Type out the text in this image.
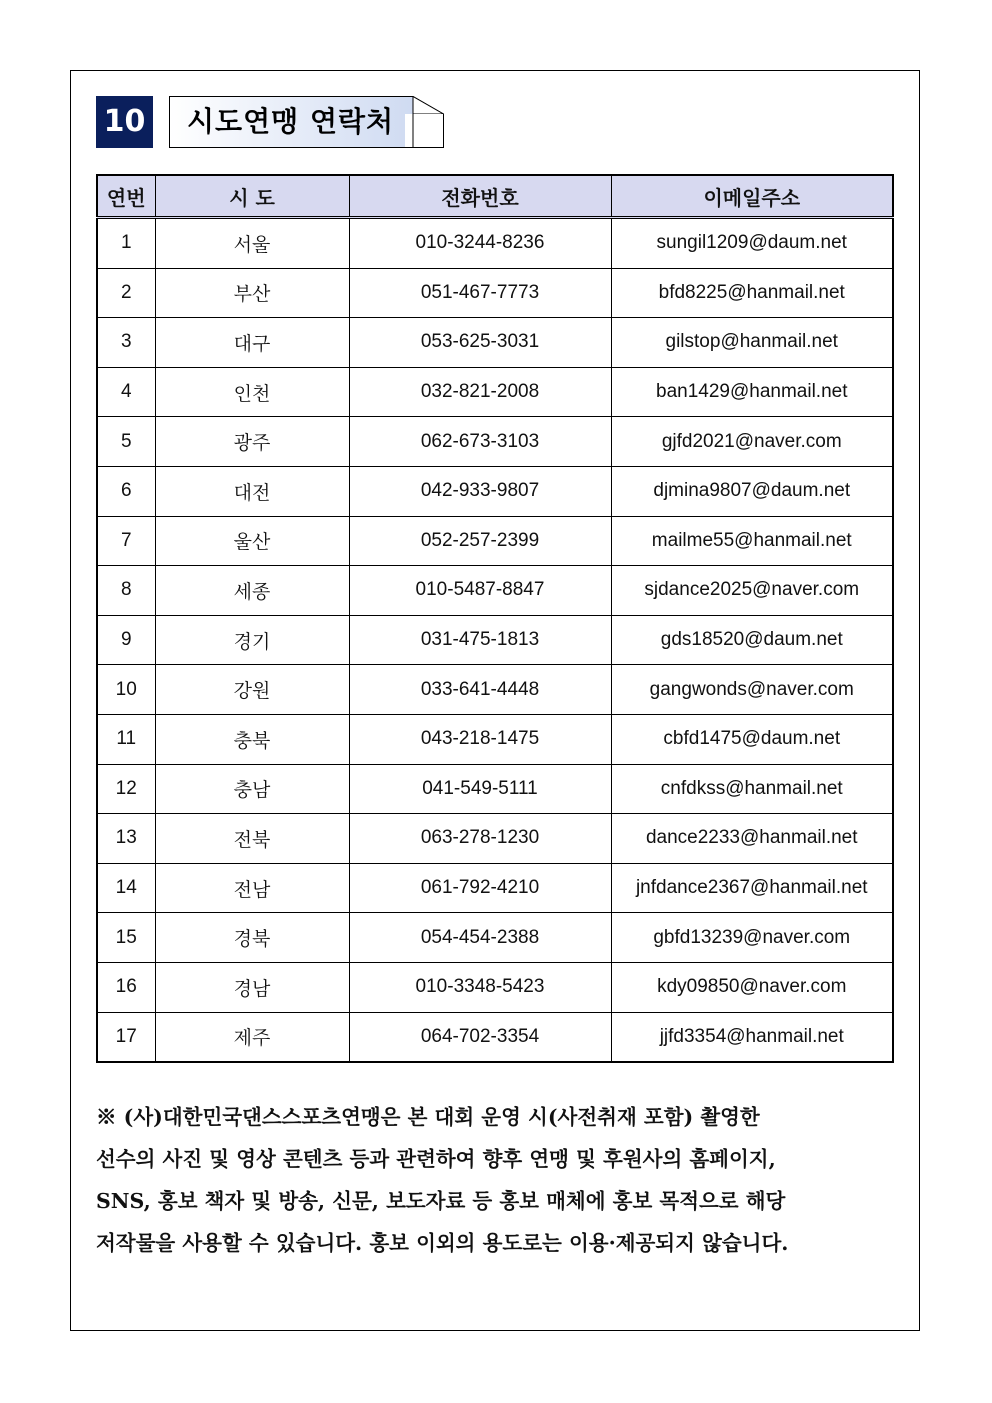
10 시도연맹 연락처
연번	시 도	전화번호	이메일주소
1	서울	010-3244-8236	sungil1209@daum.net
2	부산	051-467-7773	bfd8225@hanmail.net
3	대구	053-625-3031	gilstop@hanmail.net
4	인천	032-821-2008	ban1429@hanmail.net
5	광주	062-673-3103	gjfd2021@naver.com
6	대전	042-933-9807	djmina9807@daum.net
7	울산	052-257-2399	mailme55@hanmail.net
8	세종	010-5487-8847	sjdance2025@naver.com
9	경기	031-475-1813	gds18520@daum.net
10	강원	033-641-4448	gangwonds@naver.com
11	충북	043-218-1475	cbfd1475@daum.net
12	충남	041-549-5111	cnfdkss@hanmail.net
13	전북	063-278-1230	dance2233@hanmail.net
14	전남	061-792-4210	jnfdance2367@hanmail.net
15	경북	054-454-2388	gbfd13239@naver.com
16	경남	010-3348-5423	kdy09850@naver.com
17	제주	064-702-3354	jjfd3354@hanmail.net

※ (사)대한민국댄스스포츠연맹은 본 대회 운영 시(사전취재 포함) 촬영한

선수의 사진 및 영상 콘텐츠 등과 관련하여 향후 연맹 및 후원사의 홈페이지,

SNS, 홍보 책자 및 방송, 신문, 보도자료 등 홍보 매체에 홍보 목적으로 해당

저작물을 사용할 수 있습니다. 홍보 이외의 용도로는 이용·제공되지 않습니다.
